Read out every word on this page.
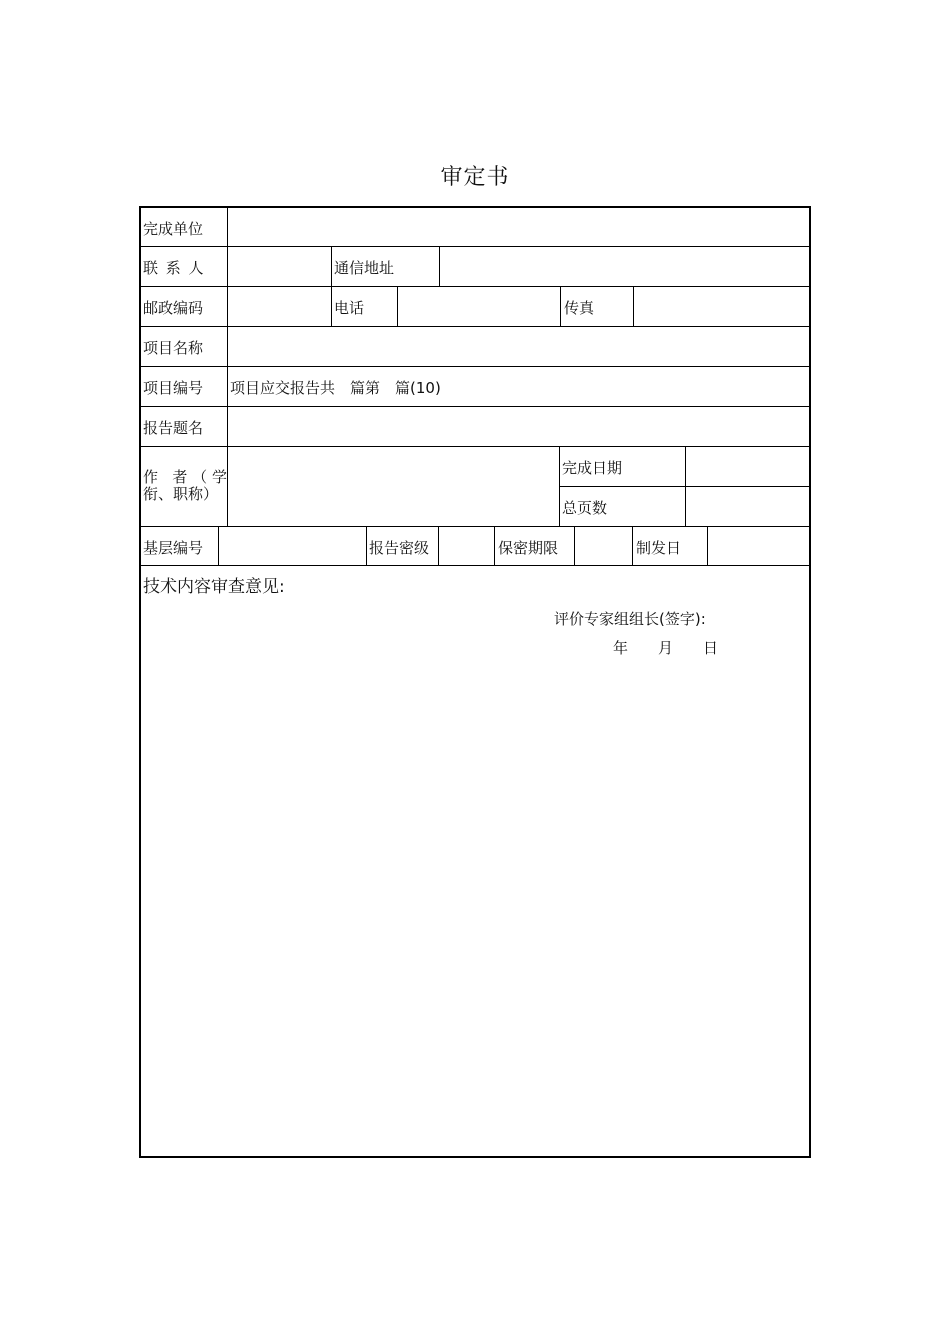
审定书
完成单位
联 系 人	通信地址
邮政编码	电话	传真
项目名称
项目编号 项目应交报告共　篇第　篇(10)
报告题名
作 者（学衔、职称）
完成日期
总页数
基层编号	报告密级	保密期限	制发日
技术内容审查意见:
评价专家组组长(签字):
年　　月　　日
